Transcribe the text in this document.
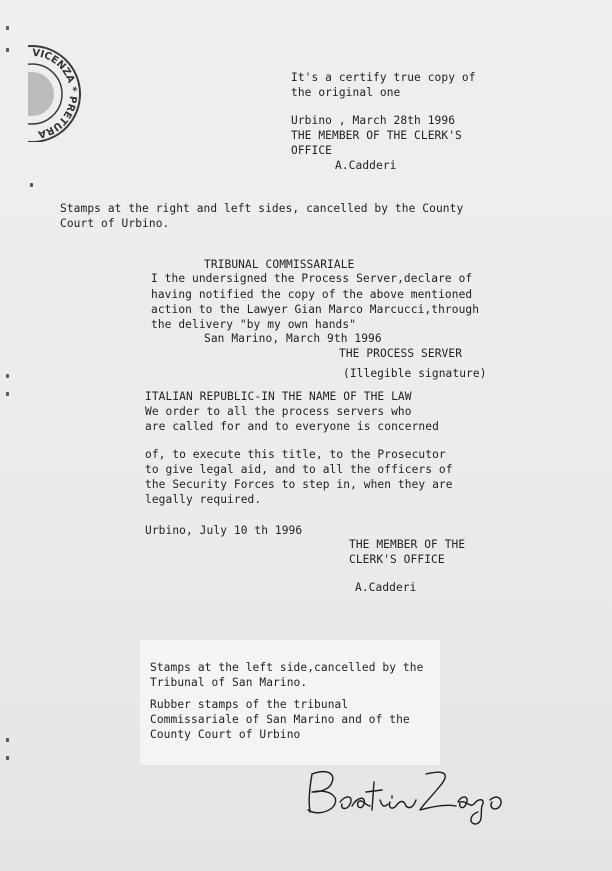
VICENZA * PRETURA
It's a certify true copy of
the original one
Urbino , March 28th 1996
THE MEMBER OF THE CLERK'S
OFFICE
A.Cadderi
Stamps at the right and left sides, cancelled by the County
Court of Urbino.
TRIBUNAL COMMISSARIALE
I the undersigned the Process Server,declare of
having notified the copy of the above mentioned
action to the Lawyer Gian Marco Marcucci,through
the delivery "by my own hands"
San Marino, March 9th 1996
THE PROCESS SERVER
(Illegible signature)
ITALIAN REPUBLIC-IN THE NAME OF THE LAW
We order to all the process servers who
are called for and to everyone is concerned
of, to execute this title, to the Prosecutor
to give legal aid, and to all the officers of
the Security Forces to step in, when they are
legally required.
Urbino, July 10 th 1996
THE MEMBER OF THE
CLERK'S OFFICE
A.Cadderi
Stamps at the left side,cancelled by the
Tribunal of San Marino.
Rubber stamps of the tribunal
Commissariale of San Marino and of the
County Court of Urbino
